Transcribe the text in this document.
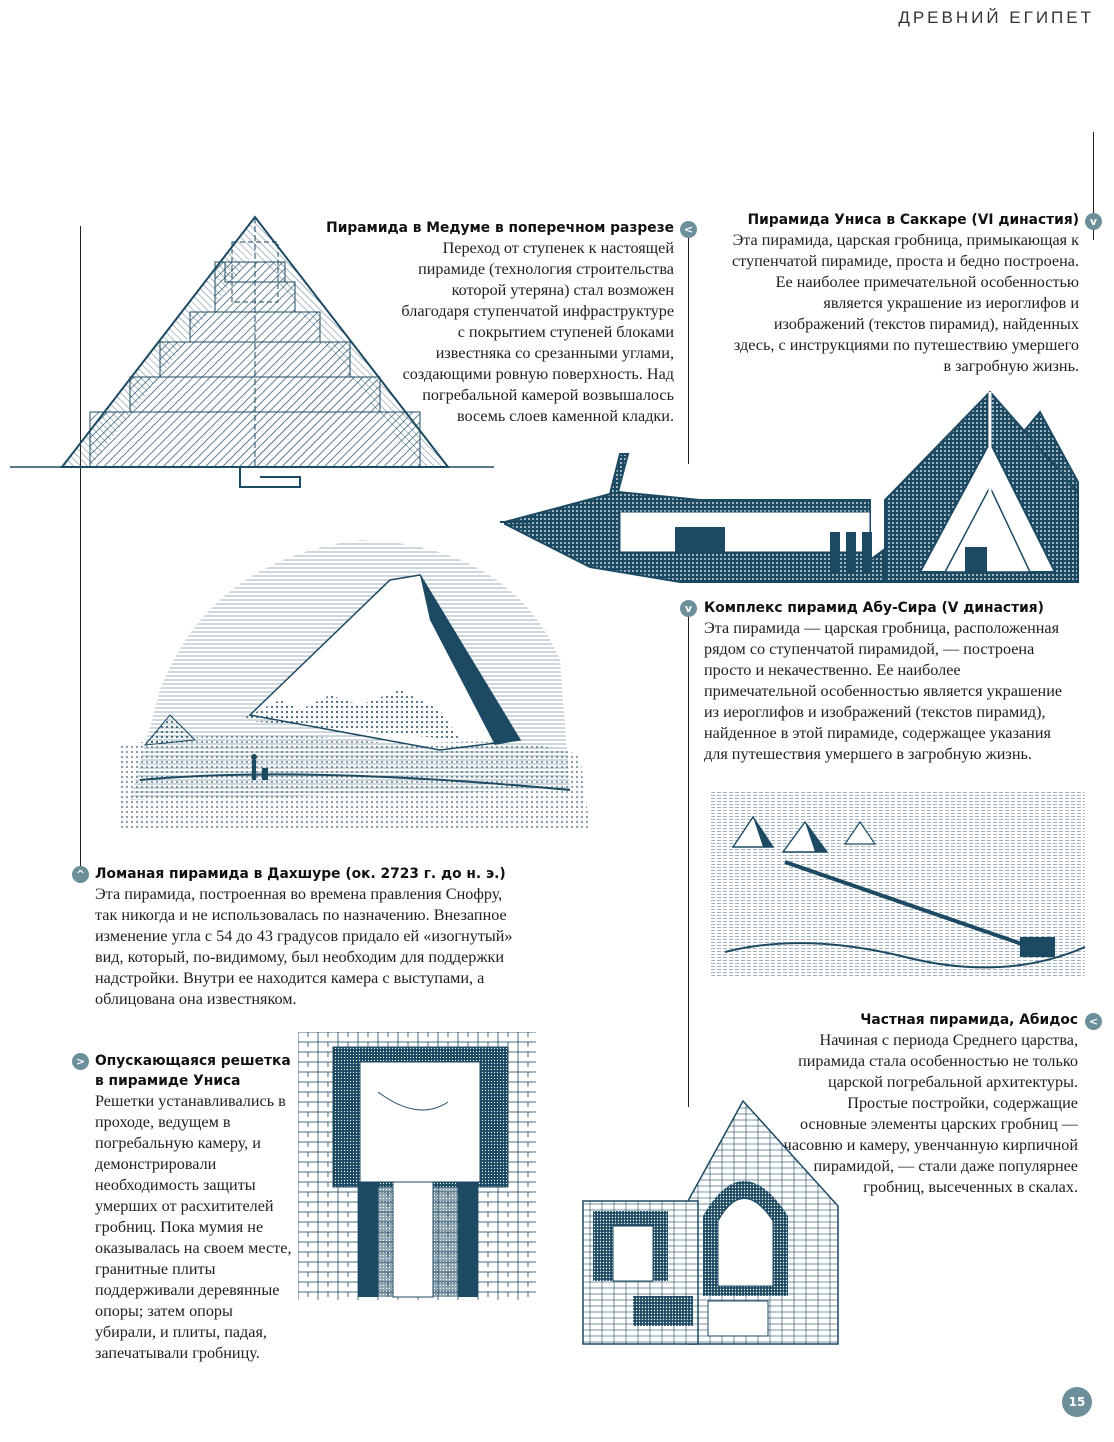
ДРЕВНИЙ ЕГИПЕТ
Пирамида в Медуме в поперечном разрезе
Переход от ступенек к настоящей пирамиде (технология строительства которой утеряна) стал возможен благодаря ступенчатой инфраструктуре с покрытием ступеней блоками известняка со срезанными углами, создающими ровную поверхность. Над погребальной камерой возвышалось восемь слоев каменной кладки.
<
Пирамида Униса в Саккаре (VI династия)
Эта пирамида, царская гробница, примыкающая к ступенчатой пирамиде, проста и бедно построена. Ее наиболее примечательной особенностью является украшение из иероглифов и изображений (текстов пирамид), найденных здесь, с инструкциями по путешествию умершего в загробную жизнь.
v
v Комплекс пирамид Абу-Сира (V династия)
Эта пирамида — царская гробница, расположенная рядом со ступенчатой пирамидой, — построена просто и некачественно. Ее наиболее примечательной особенностью является украшение из иероглифов и изображений (текстов пирамид), найденное в этой пирамиде, содержащее указания для путешествия умершего в загробную жизнь.
^ Ломаная пирамида в Дахшуре (ок. 2723 г. до н. э.)
Эта пирамида, построенная во времена правления Снофру, так никогда и не использовалась по назначению. Внезапное изменение угла с 54 до 43 градусов придало ей «изогнутый» вид, который, по-видимому, был необходим для поддержки надстройки. Внутри ее находится камера с выступами, а облицована она известняком.
Частная пирамида, Абидос
Начиная с периода Среднего царства, пирамида стала особенностью не только царской погребальной архитектуры. Простые постройки, содержащие основные элементы царских гробниц — часовню и камеру, увенчанную кирпичной пирамидой, — стали даже популярнее гробниц, высеченных в скалах.
<
> Опускающаяся решетка
в пирамиде Униса
Решетки устанавливались в проходе, ведущем в погребальную камеру, и демонстрировали необходимость защиты умерших от расхитителей гробниц. Пока мумия не оказывалась на своем месте, гранитные плиты поддерживали деревянные опоры; затем опоры убирали, и плиты, падая, запечатывали гробницу.
15
